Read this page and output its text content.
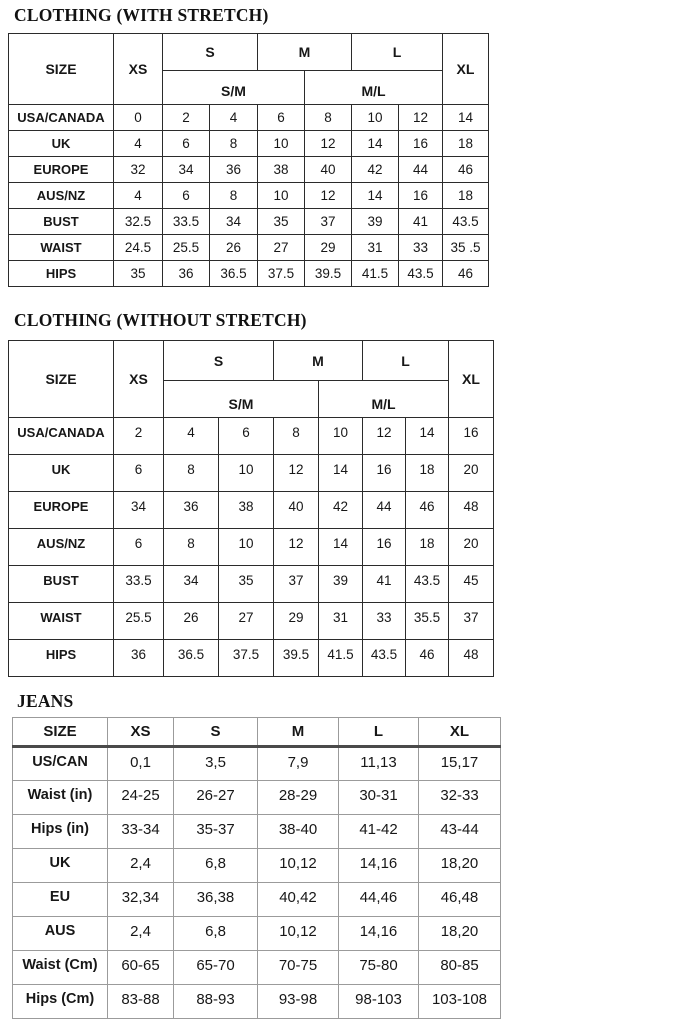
CLOTHING (WITH STRETCH)
SIZE	XS	S		M		L		XL
		S/M			M/L			
USA/CANADA	0	2	4	6	8	10	12	14
UK	4	6	8	10	12	14	16	18
EUROPE	32	34	36	38	40	42	44	46
AUS/NZ	4	6	8	10	12	14	16	18
BUST	32.5	33.5	34	35	37	39	41	43.5
WAIST	24.5	25.5	26	27	29	31	33	35 .5
HIPS	35	36	36.5	37.5	39.5	41.5	43.5	46
CLOTHING (WITHOUT STRETCH)
SIZE	XS	S		M		L		XL
		S/M			M/L			
USA/CANADA	2	4	6	8	10	12	14	16
UK	6	8	10	12	14	16	18	20
EUROPE	34	36	38	40	42	44	46	48
AUS/NZ	6	8	10	12	14	16	18	20
BUST	33.5	34	35	37	39	41	43.5	45
WAIST	25.5	26	27	29	31	33	35.5	37
HIPS	36	36.5	37.5	39.5	41.5	43.5	46	48
JEANS
SIZE	XS	S	M	L	XL
US/CAN	0,1	3,5	7,9	11,13	15,17
Waist (in)	24-25	26-27	28-29	30-31	32-33
Hips (in)	33-34	35-37	38-40	41-42	43-44
UK	2,4	6,8	10,12	14,16	18,20
EU	32,34	36,38	40,42	44,46	46,48
AUS	2,4	6,8	10,12	14,16	18,20
Waist (Cm)	60-65	65-70	70-75	75-80	80-85
Hips (Cm)	83-88	88-93	93-98	98-103	103-108
